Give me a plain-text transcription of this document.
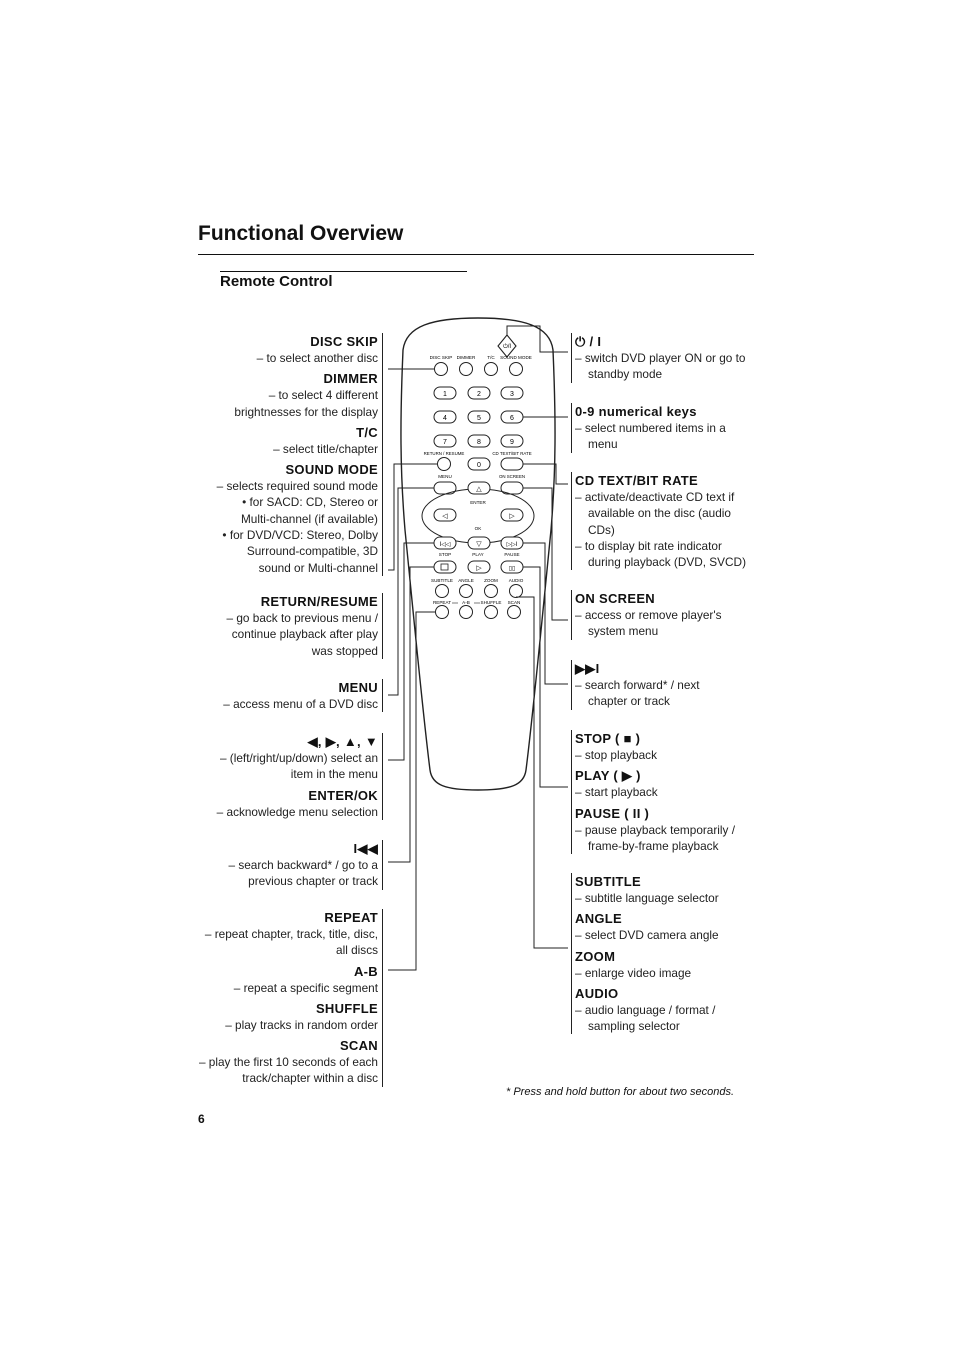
Functional Overview
Remote Control
DISC SKIP
– to select another disc
DIMMER
– to select 4 different
brightnesses for the display
T/C
– select title/chapter
SOUND MODE
– selects required sound mode
• for SACD: CD, Stereo or
Multi-channel (if available)
• for DVD/VCD: Stereo, Dolby
Surround-compatible, 3D
sound or Multi-channel
RETURN/RESUME
– go back to previous menu /
continue playback after play
was stopped
MENU
– access menu of a DVD disc
◀, ▶, ▲, ▼
– (left/right/up/down) select an
item in the menu
ENTER/OK
– acknowledge menu selection
I◀◀
– search backward* / go to a
previous chapter or track
REPEAT
– repeat chapter, track, title, disc,
all discs
A-B
– repeat a specific segment
SHUFFLE
– play tracks in random order
SCAN
– play the first 10 seconds of each
track/chapter within a disc
⏻ / I
– switch DVD player ON or go to standby mode
0-9 numerical keys
– select numbered items in a menu
CD TEXT/BIT RATE
– activate/deactivate CD text if available on the disc (audio CDs)
– to display bit rate indicator during playback (DVD, SVCD)
ON SCREEN
– access or remove player's system menu
▶▶I
– search forward* / next chapter or track
STOP ( ■ )
– stop playback
PLAY ( ▶ )
– start playback
PAUSE ( II )
– pause playback temporarily / frame-by-frame playback
SUBTITLE
– subtitle language selector
ANGLE
– select DVD camera angle
ZOOM
– enlarge video image
AUDIO
– audio language / format / sampling selector
⏻/I
DISC SKIP DIMMER	T/C SOUND MODE
1	2	3
4	5	6
7	8	9
RETURN / RESUME	CD TEXT/BIT RATE
0
MENU	ON SCREEN
△
ENTER
◁	▷
OK
I◁◁	▽	▷▷I
STOP	PLAY	PAUSE
▷	▯▯
SUBTITLE ANGLE ZOOM AUDIO
REPEAT A-B SHUFFLE SCAN
* Press and hold button for about two seconds.
6
